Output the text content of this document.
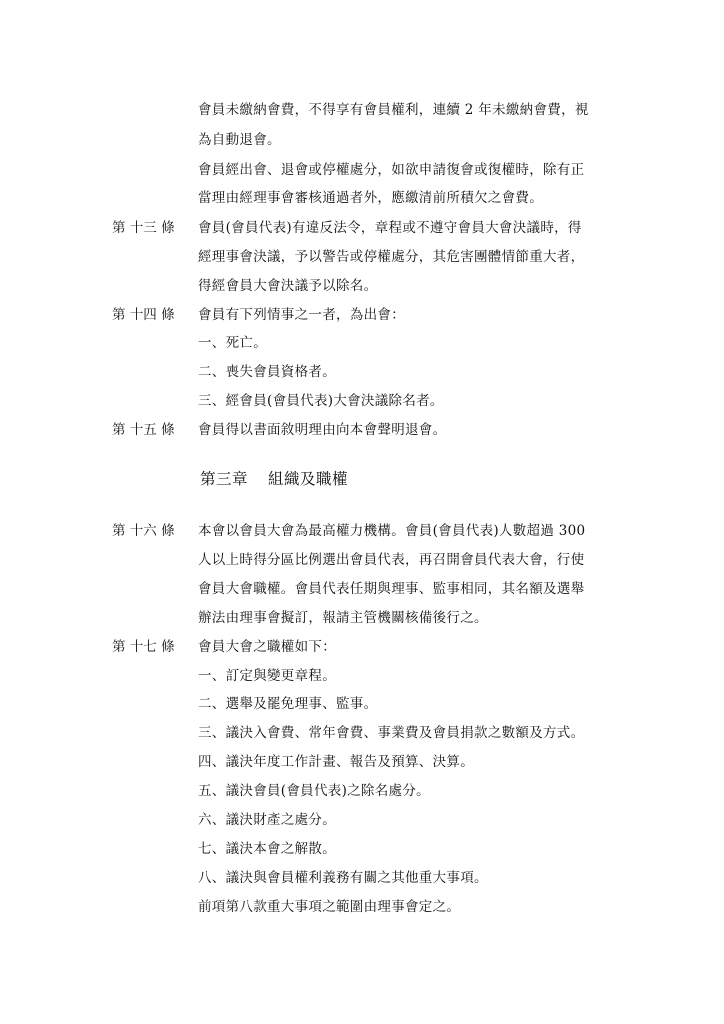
會員未繳納會費，不得享有會員權利，連續 2 年未繳納會費，視
為自動退會。
會員經出會、退會或停權處分，如欲申請復會或復權時，除有正
當理由經理事會審核通過者外，應繳清前所積欠之會費。
第 十三 條 會員(會員代表)有違反法令，章程或不遵守會員大會決議時，得
經理事會決議，予以警告或停權處分，其危害團體情節重大者，
得經會員大會決議予以除名。
第 十四 條 會員有下列情事之一者，為出會：
一、死亡。
二、喪失會員資格者。
三、經會員(會員代表)大會決議除名者。
第 十五 條 會員得以書面敘明理由向本會聲明退會。
第三章 組織及職權
第 十六 條 本會以會員大會為最高權力機構。會員(會員代表)人數超過 300
人以上時得分區比例選出會員代表，再召開會員代表大會，行使
會員大會職權。會員代表任期與理事、監事相同，其名額及選舉
辦法由理事會擬訂，報請主管機關核備後行之。
第 十七 條 會員大會之職權如下：
一、訂定與變更章程。
二、選舉及罷免理事、監事。
三、議決入會費、常年會費、事業費及會員捐款之數額及方式。
四、議決年度工作計畫、報告及預算、決算。
五、議決會員(會員代表)之除名處分。
六、議決財產之處分。
七、議決本會之解散。
八、議決與會員權利義務有關之其他重大事項。
前項第八款重大事項之範圍由理事會定之。
